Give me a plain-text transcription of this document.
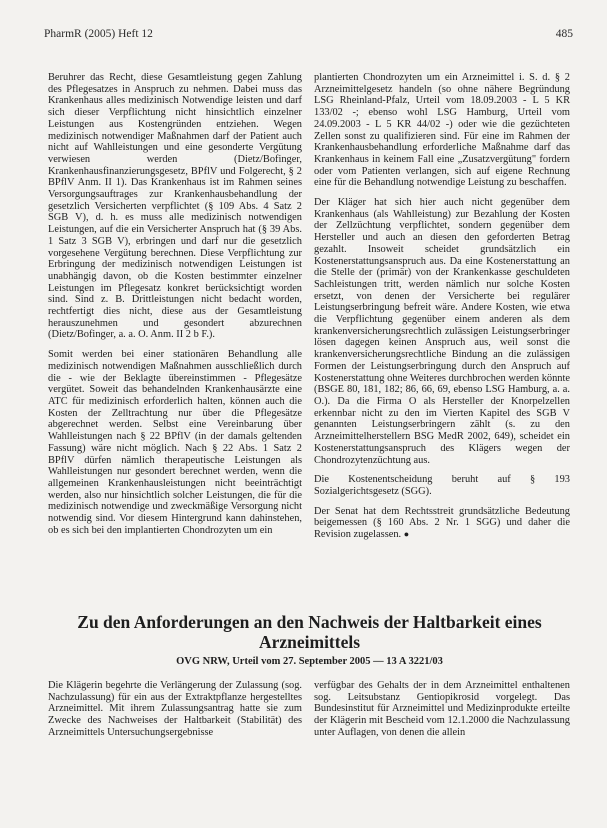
PharmR (2005) Heft 12	485

Beruhrer das Recht, diese Gesamtleistung gegen Zahlung des Pflegesatzes in Anspruch zu nehmen. Dabei muss das Krankenhaus alles medizinisch Notwendige leisten und darf sich dieser Verpflichtung nicht hinsichtlich einzelner Leistungen aus Kostengründen entziehen. Wegen medizinisch notwendiger Maßnahmen darf der Patient auch nicht auf Wahlleistungen und eine gesonderte Vergütung verwiesen werden (Dietz/Bofinger, Krankenhausfinanzierungsgesetz, BPflV und Folgerecht, § 2 BPflV Anm. II 1). Das Krankenhaus ist im Rahmen seines Versorgungsauftrages zur Krankenhausbehandlung der gesetzlich Versicherten verpflichtet (§ 109 Abs. 4 Satz 2 SGB V), d. h. es muss alle medizinisch notwendigen Leistungen, auf die ein Versicherter Anspruch hat (§ 39 Abs. 1 Satz 3 SGB V), erbringen und darf nur die gesetzlich vorgesehene Vergütung berechnen. Diese Verpflichtung zur Erbringung der medizinisch notwendigen Leistungen ist unabhängig davon, ob die Kosten bestimmter einzelner Leistungen im Pflegesatz konkret berücksichtigt worden sind. Sind z. B. Drittleistungen nicht bedacht worden, rechtfertigt dies nicht, diese aus der Gesamtleistung herauszunehmen und gesondert abzurechnen (Dietz/Bofinger, a. a. O. Anm. II 2 b F.).

Somit werden bei einer stationären Behandlung alle medizinisch notwendigen Maßnahmen ausschließlich durch die - wie der Beklagte übereinstimmen - Pflegesätze vergütet. Soweit das behandelnden Krankenhausärzte eine ATC für medizinisch erforderlich halten, können auch die Kosten der Zelltrachtung nur über die Pflegesätze abgerechnet werden. Selbst eine Vereinbarung über Wahlleistungen nach § 22 BPflV (in der damals geltenden Fassung) wäre nicht möglich. Nach § 22 Abs. 1 Satz 2 BPflV dürfen nämlich therapeutische Leistungen als Wahlleistungen nur gesondert berechnet werden, wenn die allgemeinen Krankenhausleistungen nicht beeinträchtigt werden, also nur hinsichtlich solcher Leistungen, die für die medizinisch notwendige und zweckmäßige Versorgung nicht notwendig sind. Vor diesem Hintergrund kann dahinstehen, ob es sich bei den implantierten Chondrozyten um ein

plantierten Chondrozyten um ein Arzneimittel i. S. d. § 2 Arzneimittelgesetz handeln (so ohne nähere Begründung LSG Rheinland-Pfalz, Urteil vom 18.09.2003 - L 5 KR 133/02 -; ebenso wohl LSG Hamburg, Urteil vom 24.09.2003 - L 5 KR 44/02 -) oder wie die gezüchteten Zellen sonst zu qualifizieren sind. Für eine im Rahmen der Krankenhausbehandlung erforderliche Maßnahme darf das Krankenhaus in keinem Fall eine „Zusatzvergütung" fordern oder vom Patienten verlangen, sich auf eigene Rechnung eine für die Behandlung notwendige Leistung zu beschaffen.

Der Kläger hat sich hier auch nicht gegenüber dem Krankenhaus (als Wahlleistung) zur Bezahlung der Kosten der Zellzüchtung verpflichtet, sondern gegenüber dem Hersteller und auch an diesen den geforderten Betrag gezahlt. Insoweit scheidet grundsätzlich ein Kostenerstattungsanspruch aus. Da eine Kostenerstattung an die Stelle der (primär) von der Krankenkasse geschuldeten Sachleistungen tritt, werden nämlich nur solche Kosten ersetzt, von denen der Versicherte bei regulärer Leistungserbringung befreit wäre. Andere Kosten, wie etwa die Verpflichtung gegenüber einem anderen als dem krankenversicherungsrechtlich zulässigen Leistungserbringer lösen dagegen keinen Anspruch aus, weil sonst die krankenversicherungsrechtliche Bindung an die zulässigen Formen der Leistungserbringung durch den Anspruch auf Kostenerstattung ohne Weiteres durchbrochen werden könnte (BSGE 80, 181, 182; 86, 66, 69, ebenso LSG Hamburg, a. a. O.). Da die Firma O als Hersteller der Knorpelzellen erkennbar nicht zu den im Vierten Kapitel des SGB V genannten Leistungserbringern zählt (s. zu den Arzneimittelherstellern BSG MedR 2002, 649), scheidet ein Kostenerstattungsanspruch des Klägers wegen der Chondrozytenzüchtung aus.

Die Kostenentscheidung beruht auf § 193 Sozialgerichtsgesetz (SGG).

Der Senat hat dem Rechtsstreit grundsätzliche Bedeutung beigemessen (§ 160 Abs. 2 Nr. 1 SGG) und daher die Revision zugelassen. ●

Zu den Anforderungen an den Nachweis der Haltbarkeit eines Arzneimittels
OVG NRW, Urteil vom 27. September 2005 — 13 A 3221/03

Die Klägerin begehrte die Verlängerung der Zulassung (sog. Nachzulassung) für ein aus der Extraktpflanze hergestelltes Arzneimittel. Mit ihrem Zulassungsantrag hatte sie zum Zwecke des Nachweises der Haltbarkeit (Stabilität) des Arzneimittels Untersuchungsergebnisse

verfügbar des Gehalts der in dem Arzneimittel enthaltenen sog. Leitsubstanz Gentiopikrosid vorgelegt. Das Bundesinstitut für Arzneimittel und Medizinprodukte erteilte der Klägerin mit Bescheid vom 12.1.2000 die Nachzulassung unter Auflagen, von denen die allein
